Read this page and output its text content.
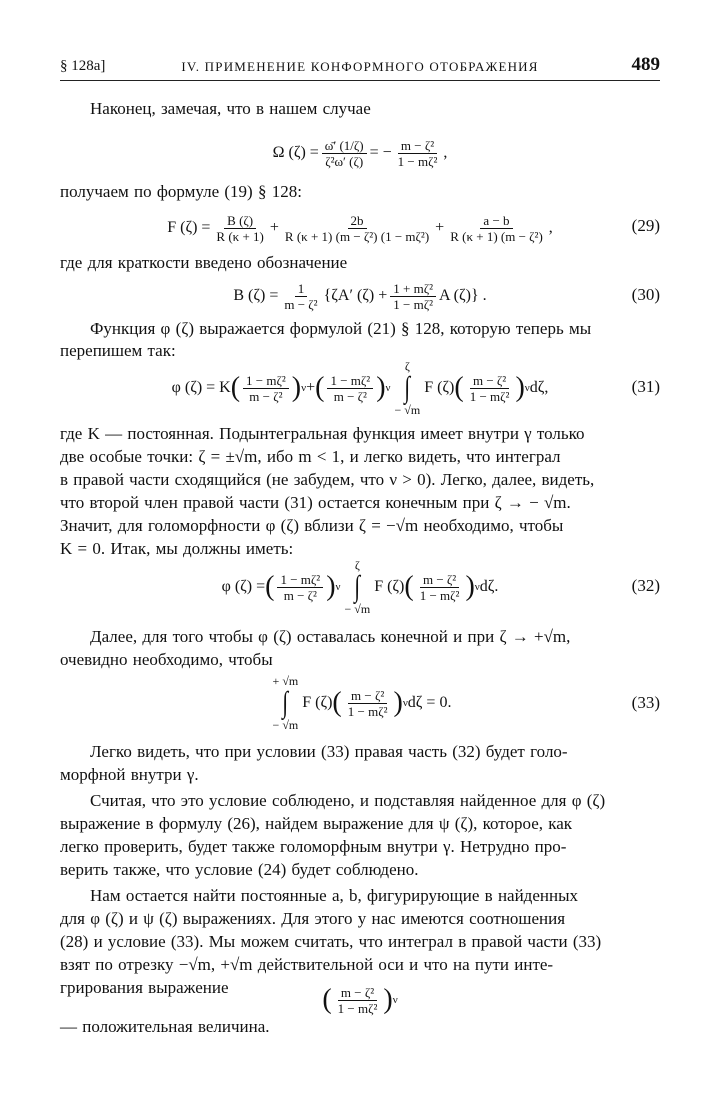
§ 128a]	IV. ПРИМЕНЕНИЕ КОНФОРМНОГО ОТОБРАЖЕНИЯ	489
Наконец, замечая, что в нашем случае
Ω $(\zeta) = \frac{\omegā' (1/\zeta)}{\text{ζ²ω′ (ζ)}}$ = − $\frac{\text{m − ζ²}}{\text{1 − mζ²}}$ ,
получаем по формуле (19) § 128:
F $(\zeta) = \frac{B (\zeta)}{R (\kappa + 1)} + \frac{2b}{\text{R (κ + 1) (m − ζ²) (1 − mζ²)}} + \frac{a - b}{\text{R (κ + 1) (m − ζ²)}}$ ,	(29)
где для краткости введено обозначение
B $(\zeta) = \frac{1}{\text{m − ζ²}} \{\zeta A'$ $(\zeta) + \frac{\text{1 + mζ²}}{\text{1 − mζ²}}$ A (ζ)} .	(30)
Функция φ (ζ) выражается формулой (21) § 128, которую теперь мы
перепишем так:
φ (ζ) = K ( $\frac{\text{1 − mζ²}}{\text{m − ζ²}}$ ) ν + ( $\frac{\text{1 − mζ²}}{\text{m − ζ²}}$ ) ν
ζ
∫
− √m
F (ζ) ( $\frac{\text{m − ζ²}}{\text{1 − mζ²}}$ ) ν dζ,	(31)
где K — постоянная. Подынтегральная функция имеет внутри γ только
две особые точки: ζ = ±√m, ибо m < 1, и легко видеть, что интеграл
в правой части сходящийся (не забудем, что ν > 0). Легко, далее, видеть,
что второй член правой части (31) остается конечным при ζ → − √m.
Значит, для голоморфности φ (ζ) вблизи ζ = −√m необходимо, чтобы
K = 0. Итак, мы должны иметь:
φ (ζ) = ( $\frac{\text{1 − mζ²}}{\text{m − ζ²}}$ ) ν
ζ
∫
− √m
F (ζ) ( $\frac{\text{m − ζ²}}{\text{1 − mζ²}}$ ) ν dζ.	(32)
Далее, для того чтобы φ (ζ) оставалась конечной и при ζ → +√m,
очевидно необходимо, чтобы
+ √m
∫
− √m
F (ζ) ( $\frac{\text{m − ζ²}}{\text{1 − mζ²}}$ ) ν dζ = 0.	(33)
Легко видеть, что при условии (33) правая часть (32) будет голо-
морфной внутри γ.
Считая, что это условие соблюдено, и подставляя найденное для φ (ζ)
выражение в формулу (26), найдем выражение для ψ (ζ), которое, как
легко проверить, будет также голоморфным внутри γ. Нетрудно про-
верить также, что условие (24) будет соблюдено.
Нам остается найти постоянные a, b, фигурирующие в найденных
для φ (ζ) и ψ (ζ) выражениях. Для этого у нас имеются соотношения
(28) и условие (33). Мы можем считать, что интеграл в правой части (33)
взят по отрезку −√m, +√m действительной оси и что на пути инте-
грирования выражение	( $\frac{\text{m − ζ²}}{\text{1 − mζ²}}$ ) ν
— положительная величина.
